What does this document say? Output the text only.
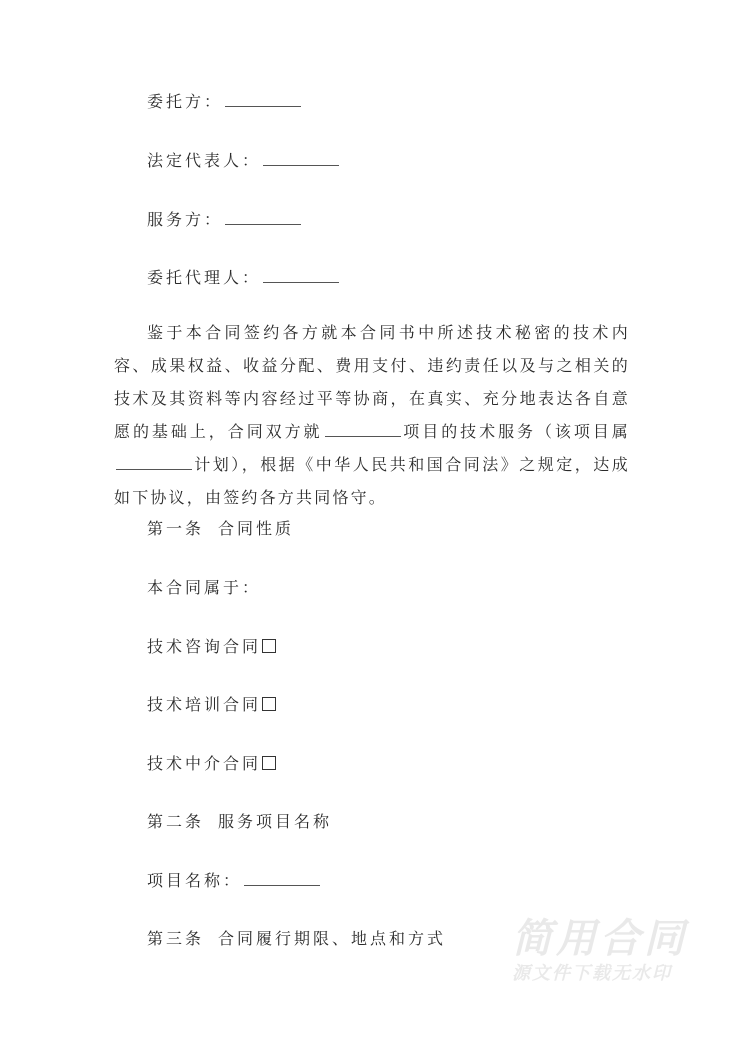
委托方：
法定代表人：
服务方：
委托代理人：
鉴于本合同签约各方就本合同书中所述技术秘密的技术内容、成果权益、收益分配、费用支付、违约责任以及与之相关的技术及其资料等内容经过平等协商，在真实、充分地表达各自意愿的基础上，合同双方就	项目的技术服务（该项目属计划），根据《中华人民共和国合同法》之规定，达成如下协议，由签约各方共同恪守。
第一条 合同性质
本合同属于：
技术咨询合同
技术培训合同
技术中介合同
第二条 服务项目名称
项目名称：
第三条 合同履行期限、地点和方式 简用合同
源文件下载无水印
